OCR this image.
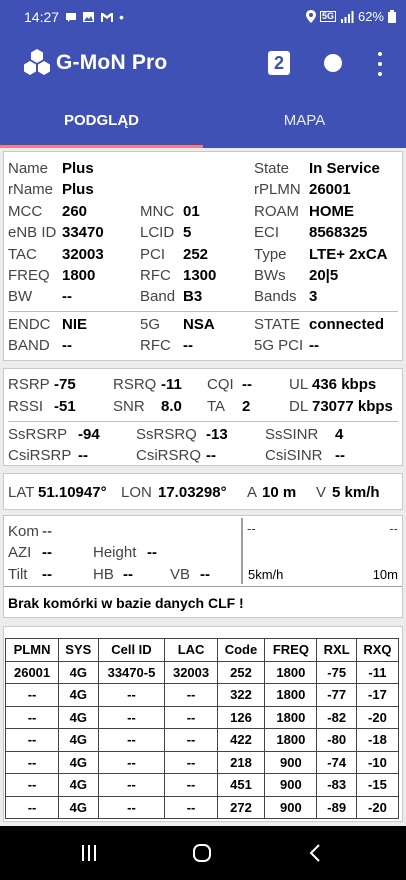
14:27	•	5G 62%
G-MoN Pro	2
PODGLĄD	MAPA
Name Plus	State In Service
rName Plus	rPLMN 26001
MCC 260	MNC 01	ROAM HOME
eNB ID 33470 LCID 5	ECI 8568325
TAC 32003 PCI 252	Type LTE+ 2xCA
FREQ 1800	RFC 1300	BWs 20|5
BW --	Band B3	Bands 3
ENDC NIE	5G NSA	STATE connected
BAND --	RFC --	5G PCI --
RSRP -75 RSRQ -11 CQI -- UL 436 kbps
RSSI -51 SNR 8.0 TA 2	DL 73077 kbps
SsRSRP -94 SsRSRQ -13 SsSINR 4
CsiRSRP --	CsiRSRQ --	CsiSINR --
LAT 51.10947° LON 17.03298° A 10 m V 5 km/h
Kom --
AZI --	Height --
Tilt --	HB -- VB --
--	--
5km/h	10m
Brak komórki w bazie danych CLF !
PLMN	SYS	Cell ID	LAC	Code	FREQ	RXL	RXQ
26001	4G	33470-5	32003	252	1800	-75	-11
--	4G	--	--	322	1800	-77	-17
--	4G	--	--	126	1800	-82	-20
--	4G	--	--	422	1800	-80	-18
--	4G	--	--	218	900	-74	-10
--	4G	--	--	451	900	-83	-15
--	4G	--	--	272	900	-89	-20
